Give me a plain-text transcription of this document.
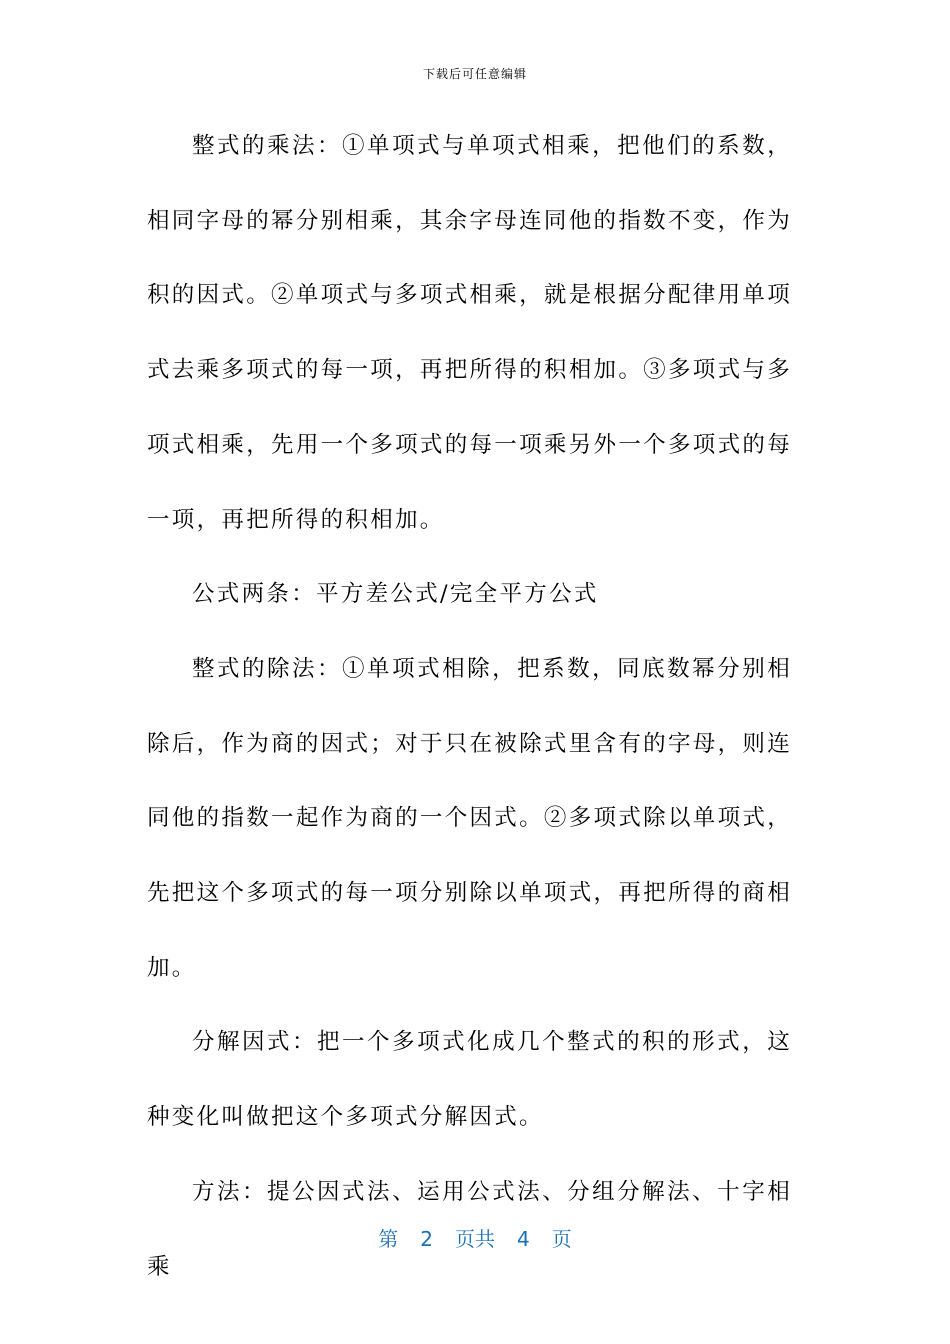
下载后可任意编辑

整式的乘法：①单项式与单项式相乘，把他们的系数，相同字母的幂分别相乘，其余字母连同他的指数不变，作为积的因式。②单项式与多项式相乘，就是根据分配律用单项式去乘多项式的每一项，再把所得的积相加。③多项式与多项式相乘，先用一个多项式的每一项乘另外一个多项式的每一项，再把所得的积相加。

公式两条：平方差公式/完全平方公式

整式的除法：①单项式相除，把系数，同底数幂分别相除后，作为商的因式；对于只在被除式里含有的字母，则连同他的指数一起作为商的一个因式。②多项式除以单项式，先把这个多项式的每一项分别除以单项式，再把所得的商相加。

分解因式：把一个多项式化成几个整式的积的形式，这种变化叫做把这个多项式分解因式。

方法：提公因式法、运用公式法、分组分解法、十字相乘

第 2 页共 4 页
